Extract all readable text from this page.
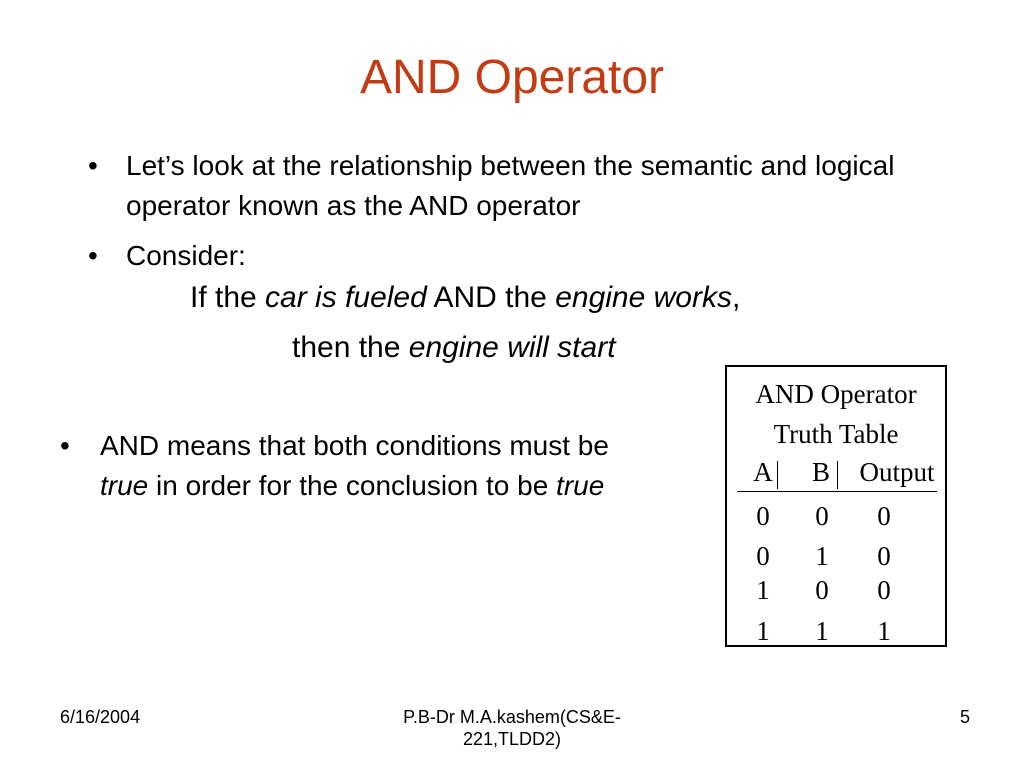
AND Operator
• Let’s look at the relationship between the semantic and logical operator known as the AND operator
• Consider:
If the car is fueled AND the engine works,
then the engine will start
• AND means that both conditions must be true in order for the conclusion to be true
AND Operator
Truth Table
A B	Output
0 0	0
0 1	0
1 0	0
1 1	1
6/16/2004	P.B-Dr M.A.kashem(CS&E-221,TLDD2)
5
